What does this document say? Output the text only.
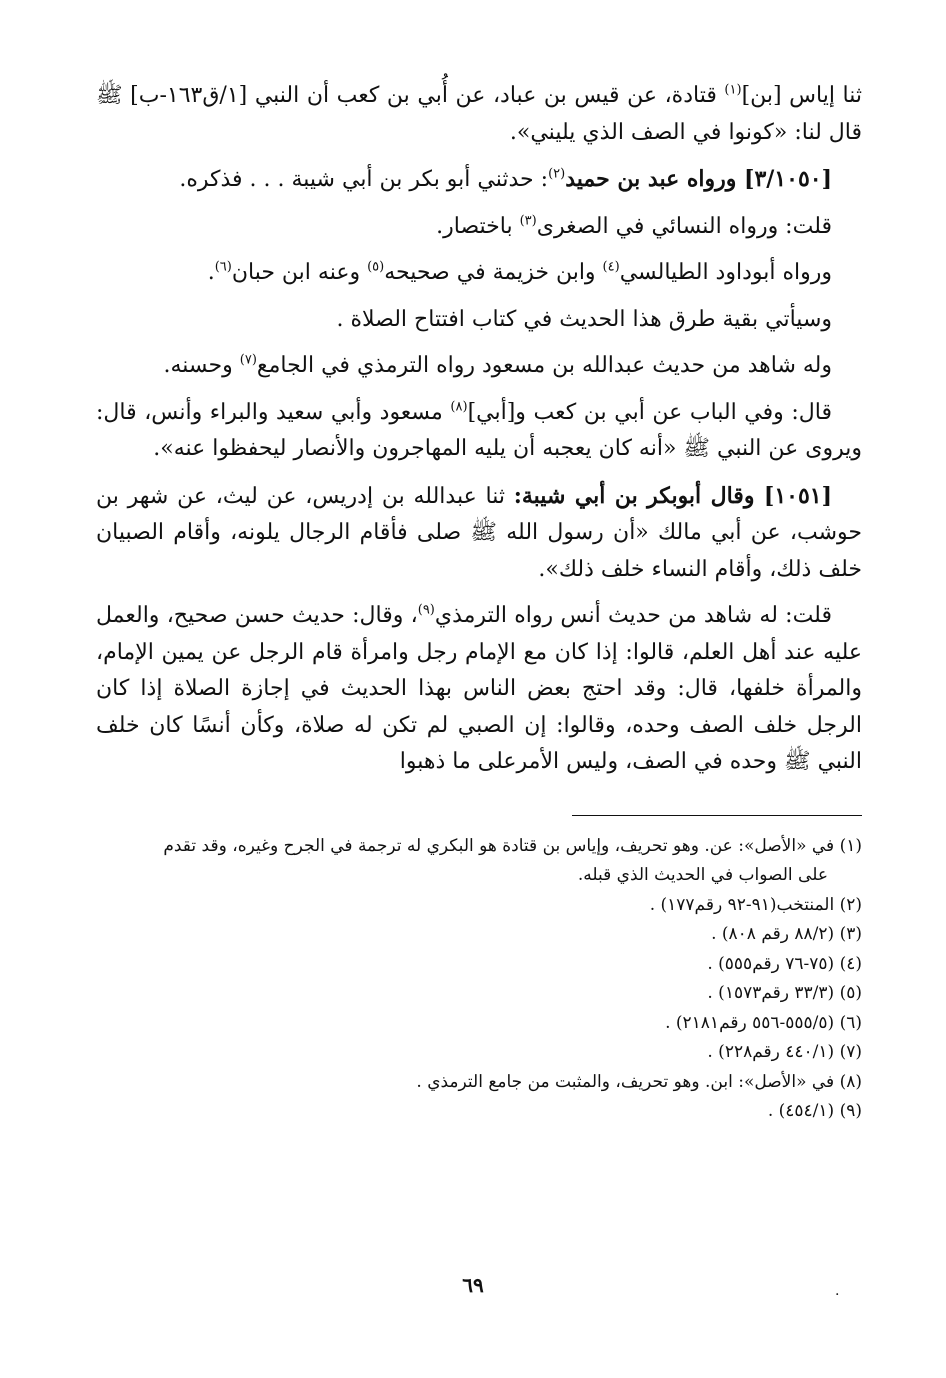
ثنا إياس [بن]$^{(١)}$ قتادة، عن قيس بن عباد، عن أُبي بن كعب أن النبي [١/ق١٦٣-ب] ﷺ قال لنا: «كونوا في الصف الذي يليني».

[٣/١٠٥٠] ورواه عبد بن حميد$^{(٢)}$: حدثني أبو بكر بن أبي شيبة . . . فذكره.

قلت: ورواه النسائي في الصغرى$^{(٣)}$ باختصار.

ورواه أبوداود الطيالسي$^{(٤)}$ وابن خزيمة في صحيحه$^{(٥)}$ وعنه ابن حبان$^{(٦)}$.

وسيأتي بقية طرق هذا الحديث في كتاب افتتاح الصلاة .

وله شاهد من حديث عبدالله بن مسعود رواه الترمذي في الجامع$^{(٧)}$ وحسنه.

قال: وفي الباب عن أبي بن كعب و[أبي]$^{(٨)}$ مسعود وأبي سعيد والبراء وأنس، قال: ويروى عن النبي ﷺ «أنه كان يعجبه أن يليه المهاجرون والأنصار ليحفظوا عنه».

[١٠٥١] وقال أبوبكر بن أبي شيبة: ثنا عبدالله بن إدريس، عن ليث، عن شهر بن حوشب، عن أبي مالك «أن رسول الله ﷺ صلى فأقام الرجال يلونه، وأقام الصبيان خلف ذلك، وأقام النساء خلف ذلك».

قلت: له شاهد من حديث أنس رواه الترمذي$^{(٩)}$، وقال: حديث حسن صحيح، والعمل عليه عند أهل العلم، قالوا: إذا كان مع الإمام رجل وامرأة قام الرجل عن يمين الإمام، والمرأة خلفها، قال: وقد احتج بعض الناس بهذا الحديث في إجازة الصلاة إذا كان الرجل خلف الصف وحده، وقالوا: إن الصبي لم تكن له صلاة، وكأن أنسًا كان خلف النبي ﷺ وحده في الصف، وليس الأمرعلى ما ذهبوا

(١) في «الأصل»: عن. وهو تحريف، وإياس بن قتادة هو البكري له ترجمة في الجرح وغيره، وقد تقدم
على الصواب في الحديث الذي قبله.
(٢) المنتخب(٩١-٩٢ رقم١٧٧) .
(٣) (٨٨/٢ رقم ٨٠٨) .
(٤) (٧٥-٧٦ رقم٥٥٥) .
(٥) (٣٣/٣ رقم١٥٧٣) .
(٦) (٥٥٥/٥-٥٥٦ رقم٢١٨١) .
(٧) (٤٤٠/١ رقم٢٢٨) .
(٨) في «الأصل»: ابن. وهو تحريف، والمثبت من جامع الترمذي .
(٩) (٤٥٤/١) .
٦٩	.
